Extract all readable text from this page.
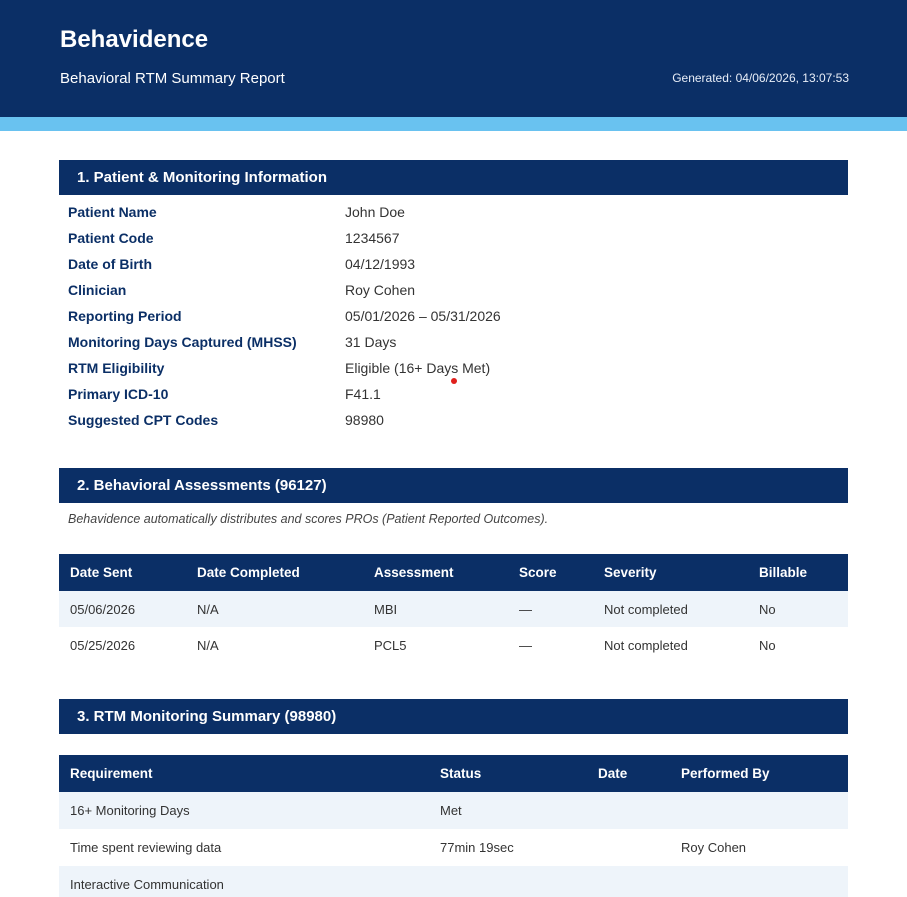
Behavidence
Behavioral RTM Summary Report	Generated: 04/06/2026, 13:07:53
1. Patient & Monitoring Information
Patient Name	John Doe
Patient Code	1234567
Date of Birth	04/12/1993
Clinician	Roy Cohen
Reporting Period	05/01/2026 – 05/31/2026
Monitoring Days Captured (MHSS)	31 Days
RTM Eligibility	Eligible (16+ Days Met)
Primary ICD-10	F41.1
Suggested CPT Codes	98980
2. Behavioral Assessments (96127)
Behavidence automatically distributes and scores PROs (Patient Reported Outcomes).
Date Sent	Date Completed	Assessment	Score	Severity	Billable
05/06/2026	N/A	MBI	—	Not completed	No
05/25/2026	N/A	PCL5	—	Not completed	No
3. RTM Monitoring Summary (98980)
Requirement	Status	Date	Performed By
16+ Monitoring Days	Met		
Time spent reviewing data	77min 19sec		Roy Cohen
Interactive Communication			
